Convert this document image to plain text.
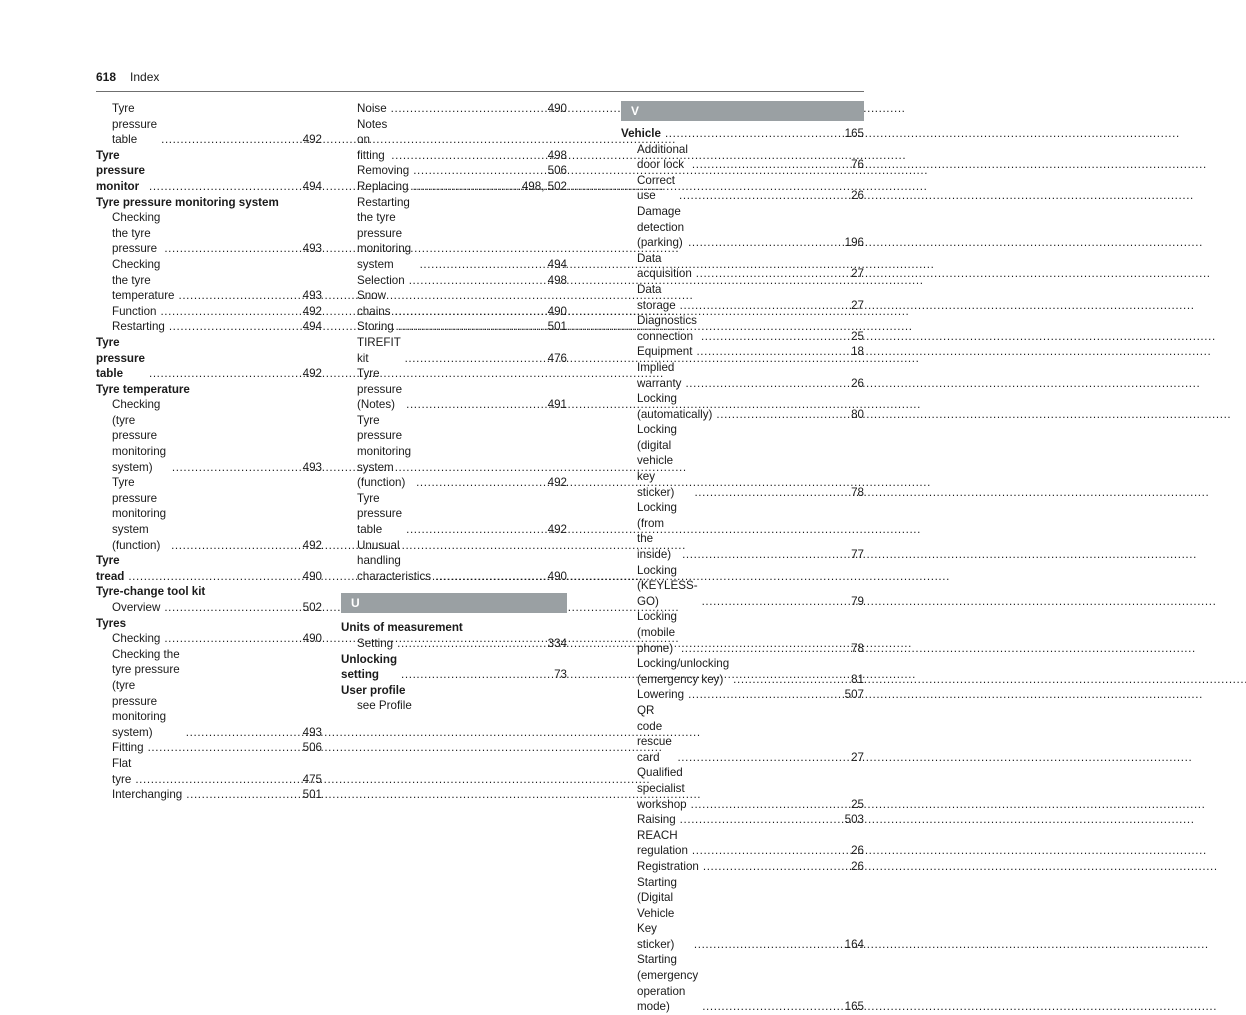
618 Index
Tyre pressure table . . .	492
Tyre pressure monitor . . .	494
Tyre pressure monitoring system
Checking the tyre pressure . . .	493
Checking the tyre temperature . . .	493
Function . . .	492
Restarting . . .	494
Tyre pressure table . . .	492
Tyre temperature
Checking (tyre pressure monitoring system) . . .	493
Tyre pressure monitoring system (function) . . .	492
Tyre tread . . .	490
Tyre-change tool kit
Overview . . .	502
Tyres
Checking . . .	490
Checking the tyre pressure (tyre pressure monitoring system) . . .	493
Fitting . . .	506
Flat tyre . . .	475
Interchanging . . .	501
Noise . . .	490
Notes on fitting . . .	498
Removing . . .	506
Replacing . . .	498, 502
Restarting the tyre pressure monitoring system . . .	494
Selection . . .	498
Snow chains . . .	490
Storing . . .	501
TIREFIT kit . . .	476
Tyre pressure (Notes) . . .	491
Tyre pressure monitoring system (function) . . .	492
Tyre pressure table . . .	492
Unusual handling characteristics . . .	490
U
Units of measurement
Setting . . .	334
Unlocking setting . . .	73
User profile
see Profile
V
Vehicle . . .	165
Additional door lock . . .	76
Correct use . . .	26
Damage detection (parking) . . .	196
Data acquisition . . .	27
Data storage . . .	27
Diagnostics connection . . .	25
Equipment . . .	18
Implied warranty . . .	26
Locking (automatically) . . .	80
Locking (digital vehicle key sticker) . . .	78
Locking (from the inside) . . .	77
Locking (KEYLESS-GO) . . .	79
Locking (mobile phone) . . .	78
Locking/unlocking (emergency key) . . .	81
Lowering . . .	507
QR code rescue card . . .	27
Qualified specialist workshop . . .	25
Raising . . .	503
REACH regulation . . .	26
Registration . . .	26
Starting (Digital Vehicle Key sticker) . . .	164
Starting (emergency operation mode) . . .	165
